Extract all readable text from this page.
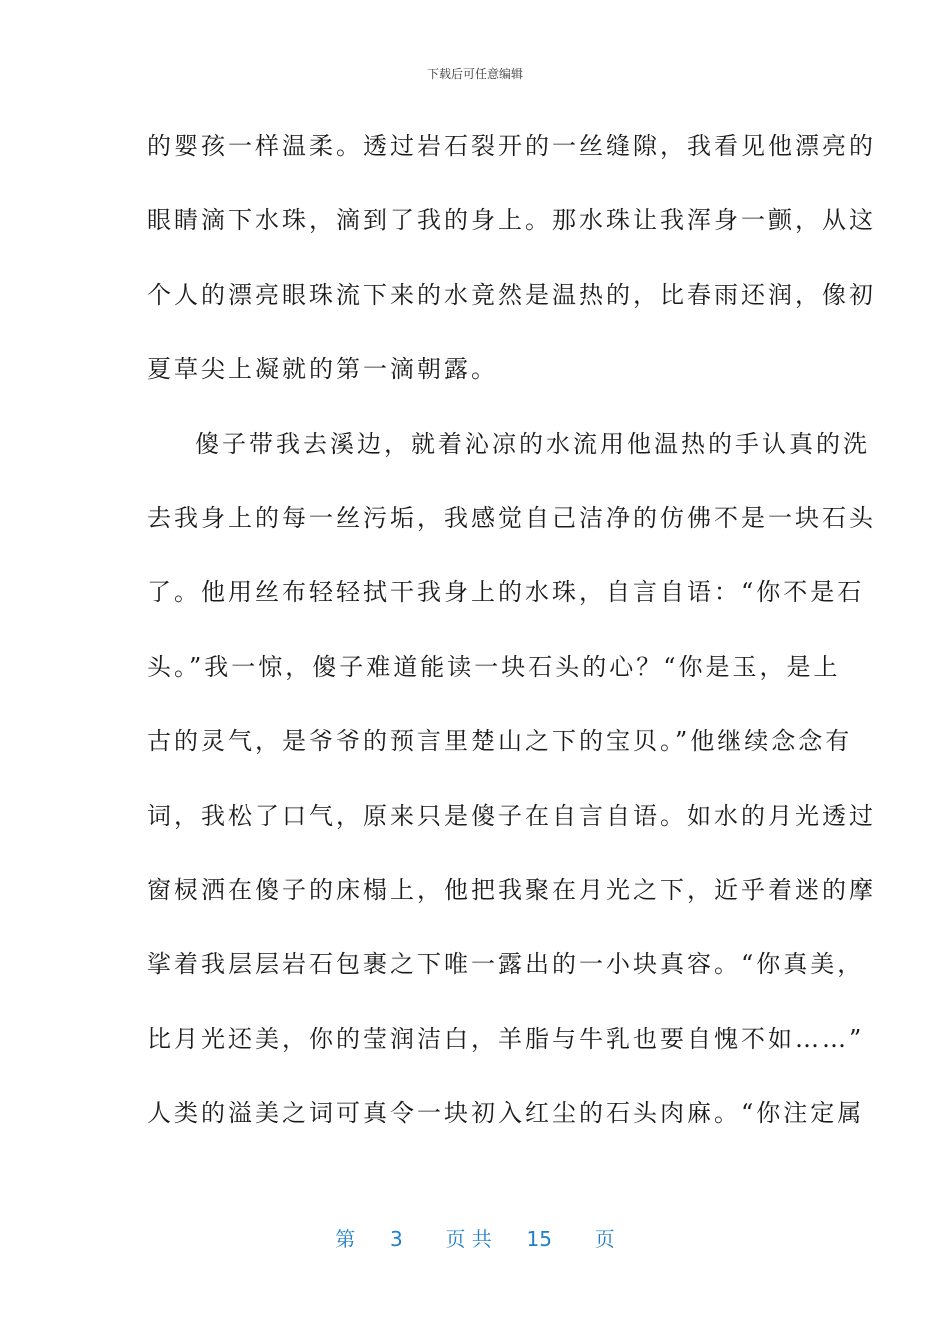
下载后可任意编辑
的婴孩一样温柔。透过岩石裂开的一丝缝隙，我看见他漂亮的
眼睛滴下水珠，滴到了我的身上。那水珠让我浑身一颤，从这
个人的漂亮眼珠流下来的水竟然是温热的，比春雨还润，像初
夏草尖上凝就的第一滴朝露。
傻子带我去溪边，就着沁凉的水流用他温热的手认真的洗
去我身上的每一丝污垢，我感觉自己洁净的仿佛不是一块石头
了。他用丝布轻轻拭干我身上的水珠，自言自语：“你不是石
头。”我一惊，傻子难道能读一块石头的心？“你是玉，是上
古的灵气，是爷爷的预言里楚山之下的宝贝。”他继续念念有
词，我松了口气，原来只是傻子在自言自语。如水的月光透过
窗棂洒在傻子的床榻上，他把我聚在月光之下，近乎着迷的摩
挲着我层层岩石包裹之下唯一露出的一小块真容。“你真美，
比月光还美，你的莹润洁白，羊脂与牛乳也要自愧不如……”
人类的溢美之词可真令一块初入红尘的石头肉麻。“你注定属
第 3 页 共 15 页
